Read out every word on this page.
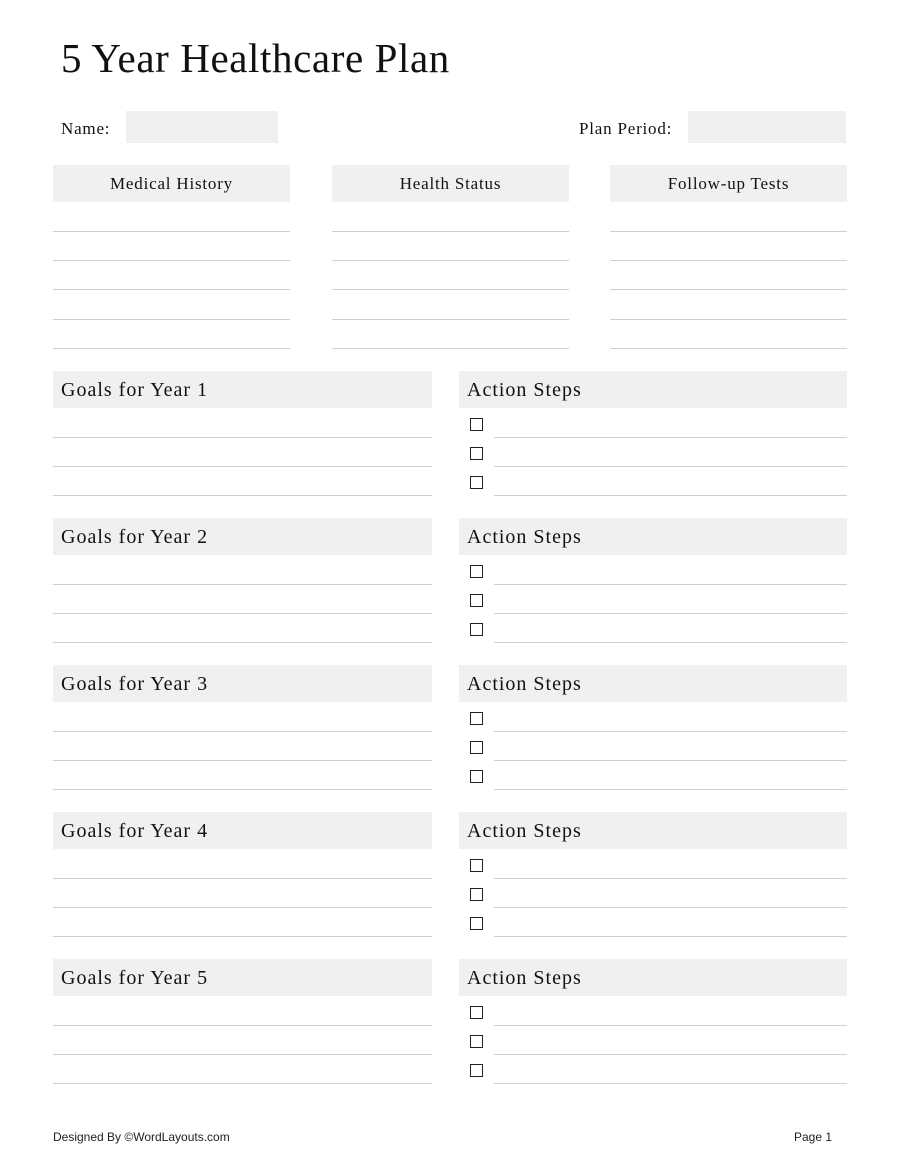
5 Year Healthcare Plan
Name:	Plan Period:
Medical History	Health Status	Follow-up Tests
Goals for Year 1	Action Steps
Goals for Year 2	Action Steps
Goals for Year 3	Action Steps
Goals for Year 4	Action Steps
Goals for Year 5	Action Steps
Designed By ©WordLayouts.com	Page 1
